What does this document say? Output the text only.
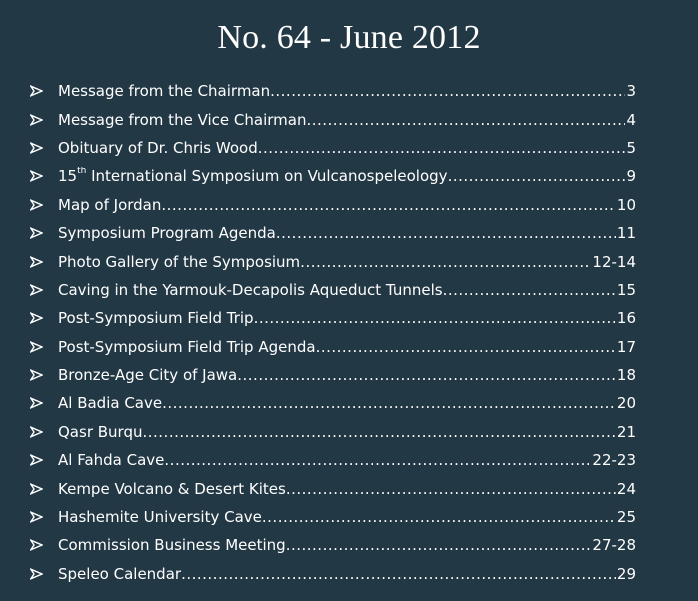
No. 64 - June 2012
Message from the Chairman .....	3
Message from the Vice Chairman .....	4
Obituary of Dr. Chris Wood .....	5
15th International Symposium on Vulcanospeleology .....	9
Map of Jordan .....	10
Symposium Program Agenda .....	11
Photo Gallery of the Symposium .....	12-14
Caving in the Yarmouk-Decapolis Aqueduct Tunnels .....	15
Post-Symposium Field Trip .....	16
Post-Symposium Field Trip Agenda .....	17
Bronze-Age City of Jawa .....	18
Al Badia Cave .....	20
Qasr Burqu .....	21
Al Fahda Cave .....	22-23
Kempe Volcano & Desert Kites .....	24
Hashemite University Cave .....	25
Commission Business Meeting .....	27-28
Speleo Calendar .....	29
